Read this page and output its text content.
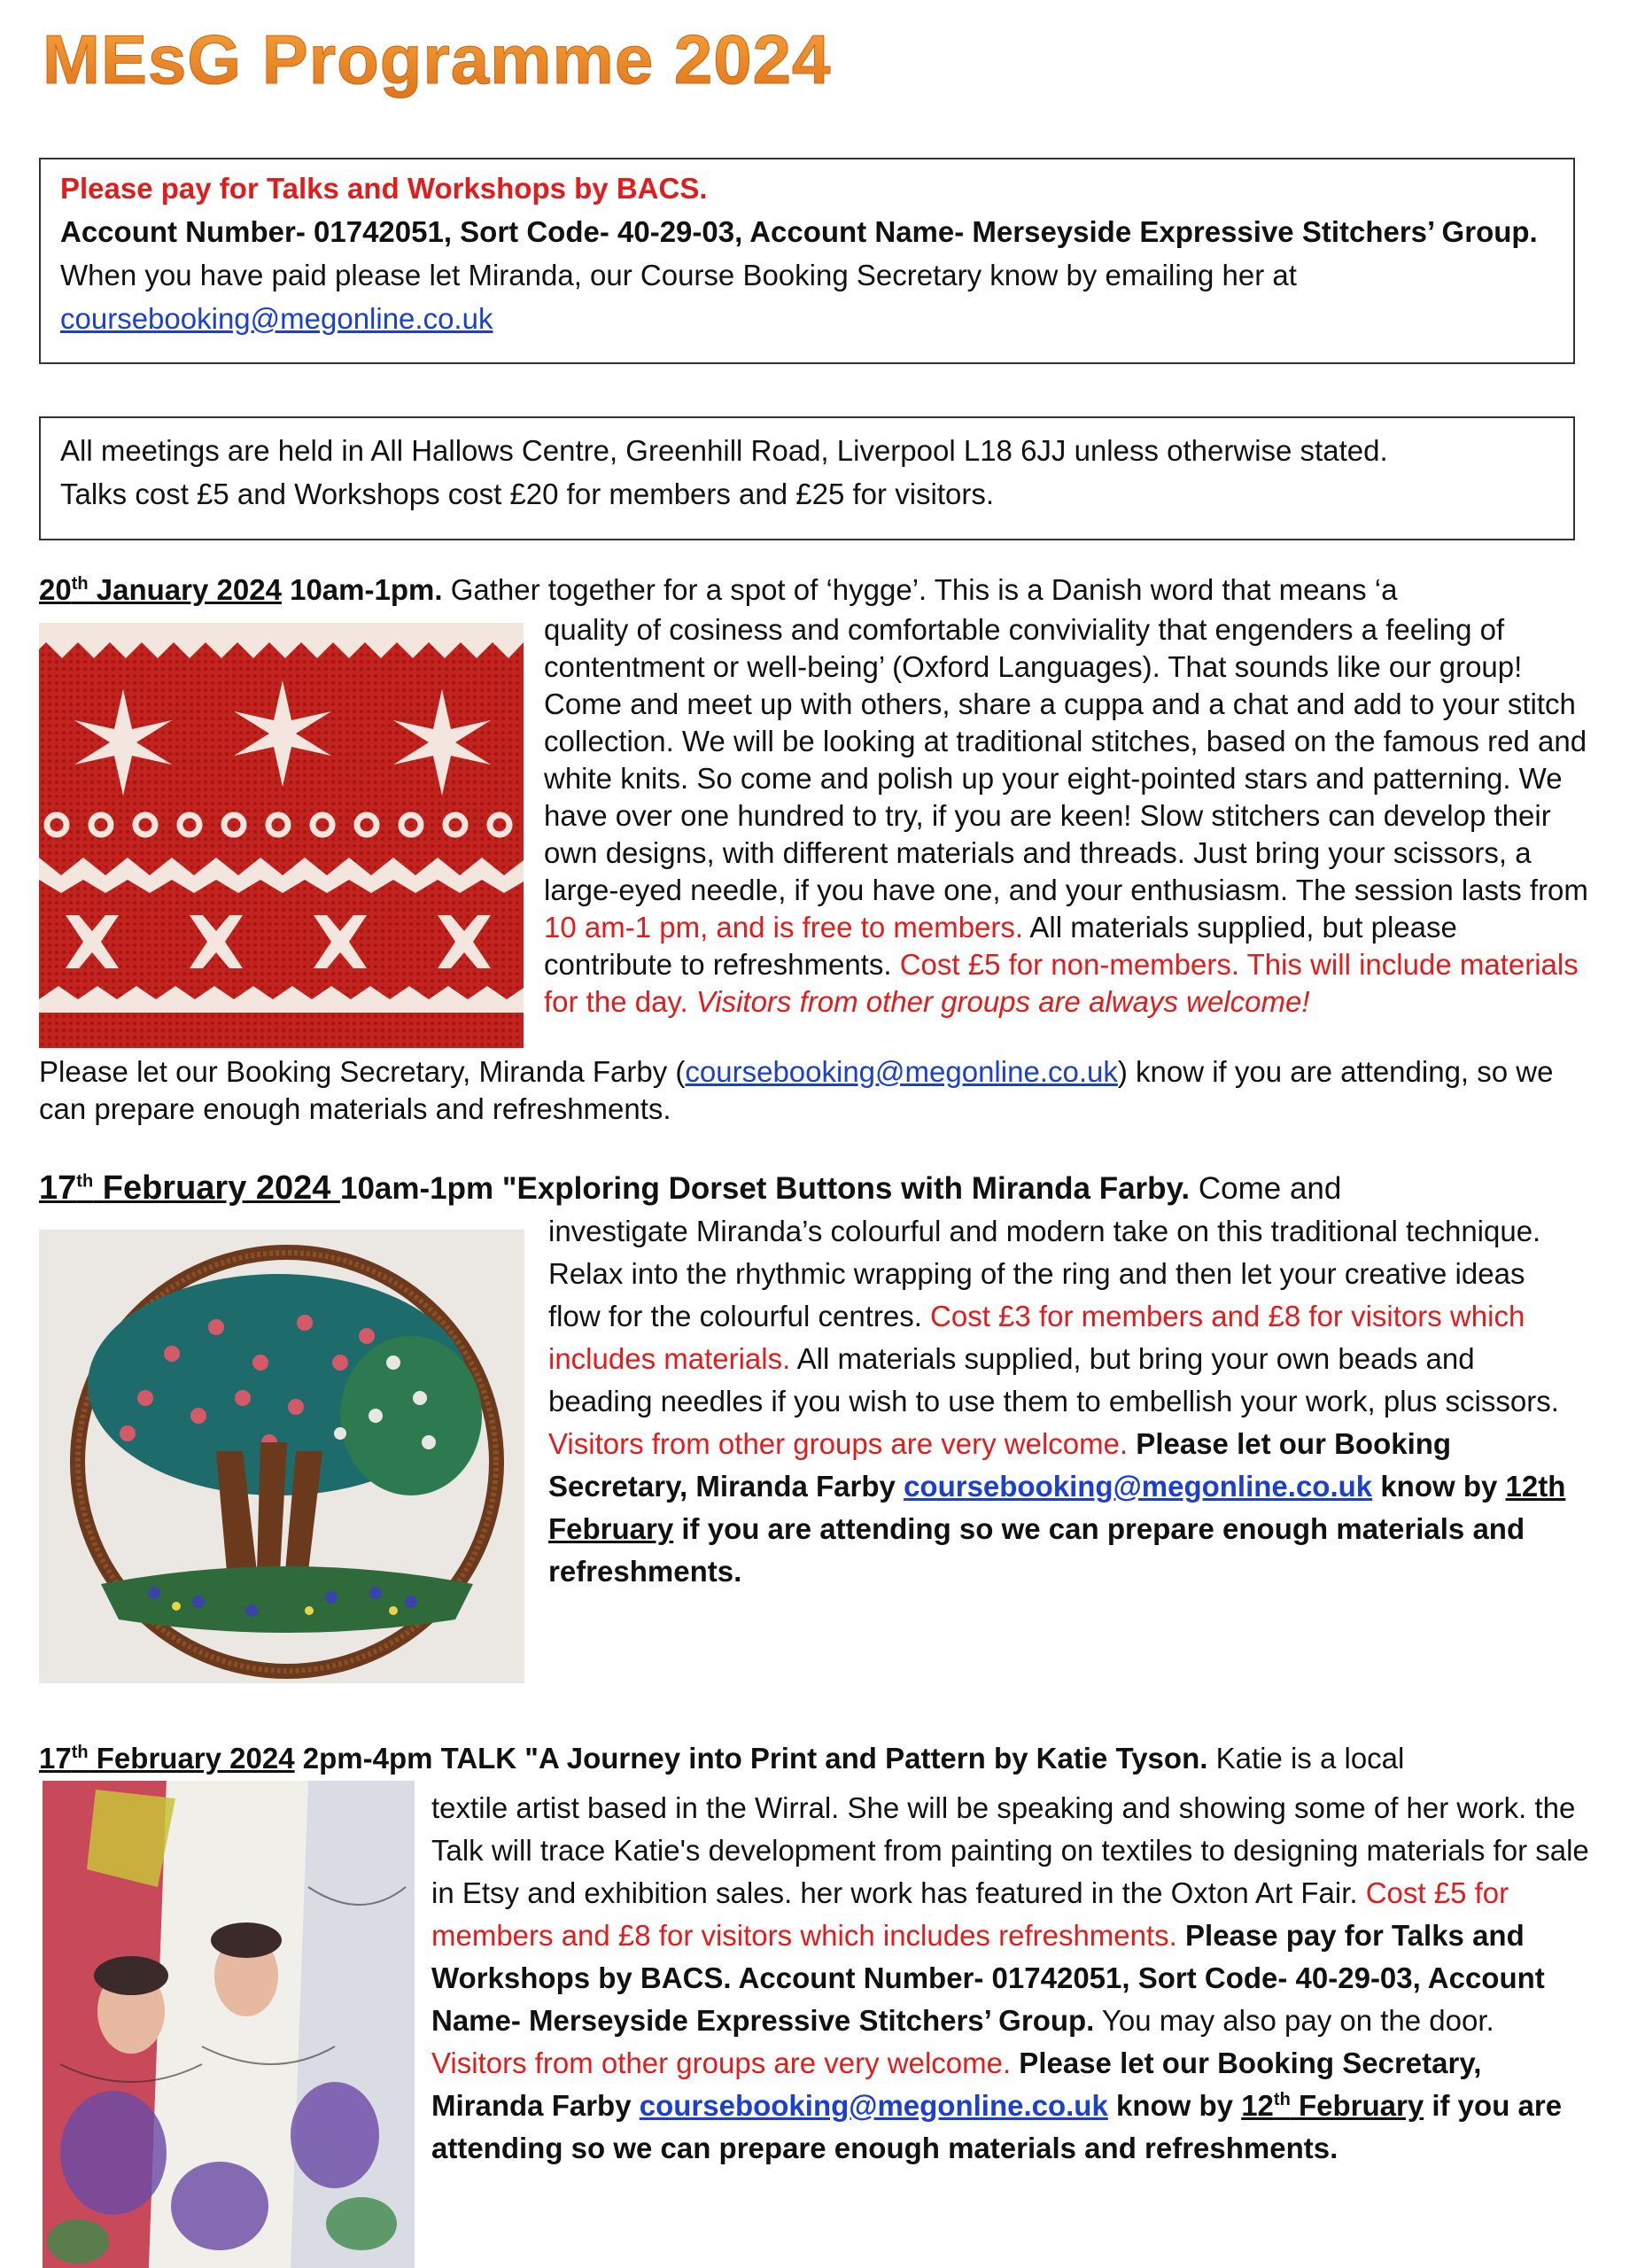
MEsG Programme 2024
Please pay for Talks and Workshops by BACS.
Account Number- 01742051, Sort Code- 40-29-03, Account Name- Merseyside Expressive Stitchers’ Group. When you have paid please let Miranda, our Course Booking Secretary know by emailing her at coursebooking@megonline.co.uk
All meetings are held in All Hallows Centre, Greenhill Road, Liverpool L18 6JJ unless otherwise stated.
Talks cost £5 and Workshops cost £20 for members and £25 for visitors.
20th January 2024 10am-1pm. Gather together for a spot of ‘hygge’. This is a Danish word that means ‘a
quality of cosiness and comfortable conviviality that engenders a feeling of contentment or well-being’ (Oxford Languages). That sounds like our group! Come and meet up with others, share a cuppa and a chat and add to your stitch collection. We will be looking at traditional stitches, based on the famous red and white knits. So come and polish up your eight-pointed stars and patterning. We have over one hundred to try, if you are keen! Slow stitchers can develop their own designs, with different materials and threads. Just bring your scissors, a large-eyed needle, if you have one, and your enthusiasm. The session lasts from 10 am-1 pm, and is free to members. All materials supplied, but please contribute to refreshments. Cost £5 for non-members. This will include materials for the day. Visitors from other groups are always welcome!
Please let our Booking Secretary, Miranda Farby (coursebooking@megonline.co.uk) know if you are attending, so we can prepare enough materials and refreshments.
17th February 2024 10am-1pm "Exploring Dorset Buttons with Miranda Farby. Come and
investigate Miranda’s colourful and modern take on this traditional technique. Relax into the rhythmic wrapping of the ring and then let your creative ideas flow for the colourful centres. Cost £3 for members and £8 for visitors which includes materials. All materials supplied, but bring your own beads and beading needles if you wish to use them to embellish your work, plus scissors. Visitors from other groups are very welcome. Please let our Booking Secretary, Miranda Farby coursebooking@megonline.co.uk know by 12th February if you are attending so we can prepare enough materials and refreshments.
17th February 2024 2pm-4pm TALK "A Journey into Print and Pattern by Katie Tyson. Katie is a local
textile artist based in the Wirral. She will be speaking and showing some of her work. the Talk will trace Katie's development from painting on textiles to designing materials for sale in Etsy and exhibition sales. her work has featured in the Oxton Art Fair. Cost £5 for members and £8 for visitors which includes refreshments. Please pay for Talks and Workshops by BACS. Account Number- 01742051, Sort Code- 40-29-03, Account Name- Merseyside Expressive Stitchers’ Group. You may also pay on the door. Visitors from other groups are very welcome. Please let our Booking Secretary, Miranda Farby coursebooking@megonline.co.uk know by 12th February if you are attending so we can prepare enough materials and refreshments.
